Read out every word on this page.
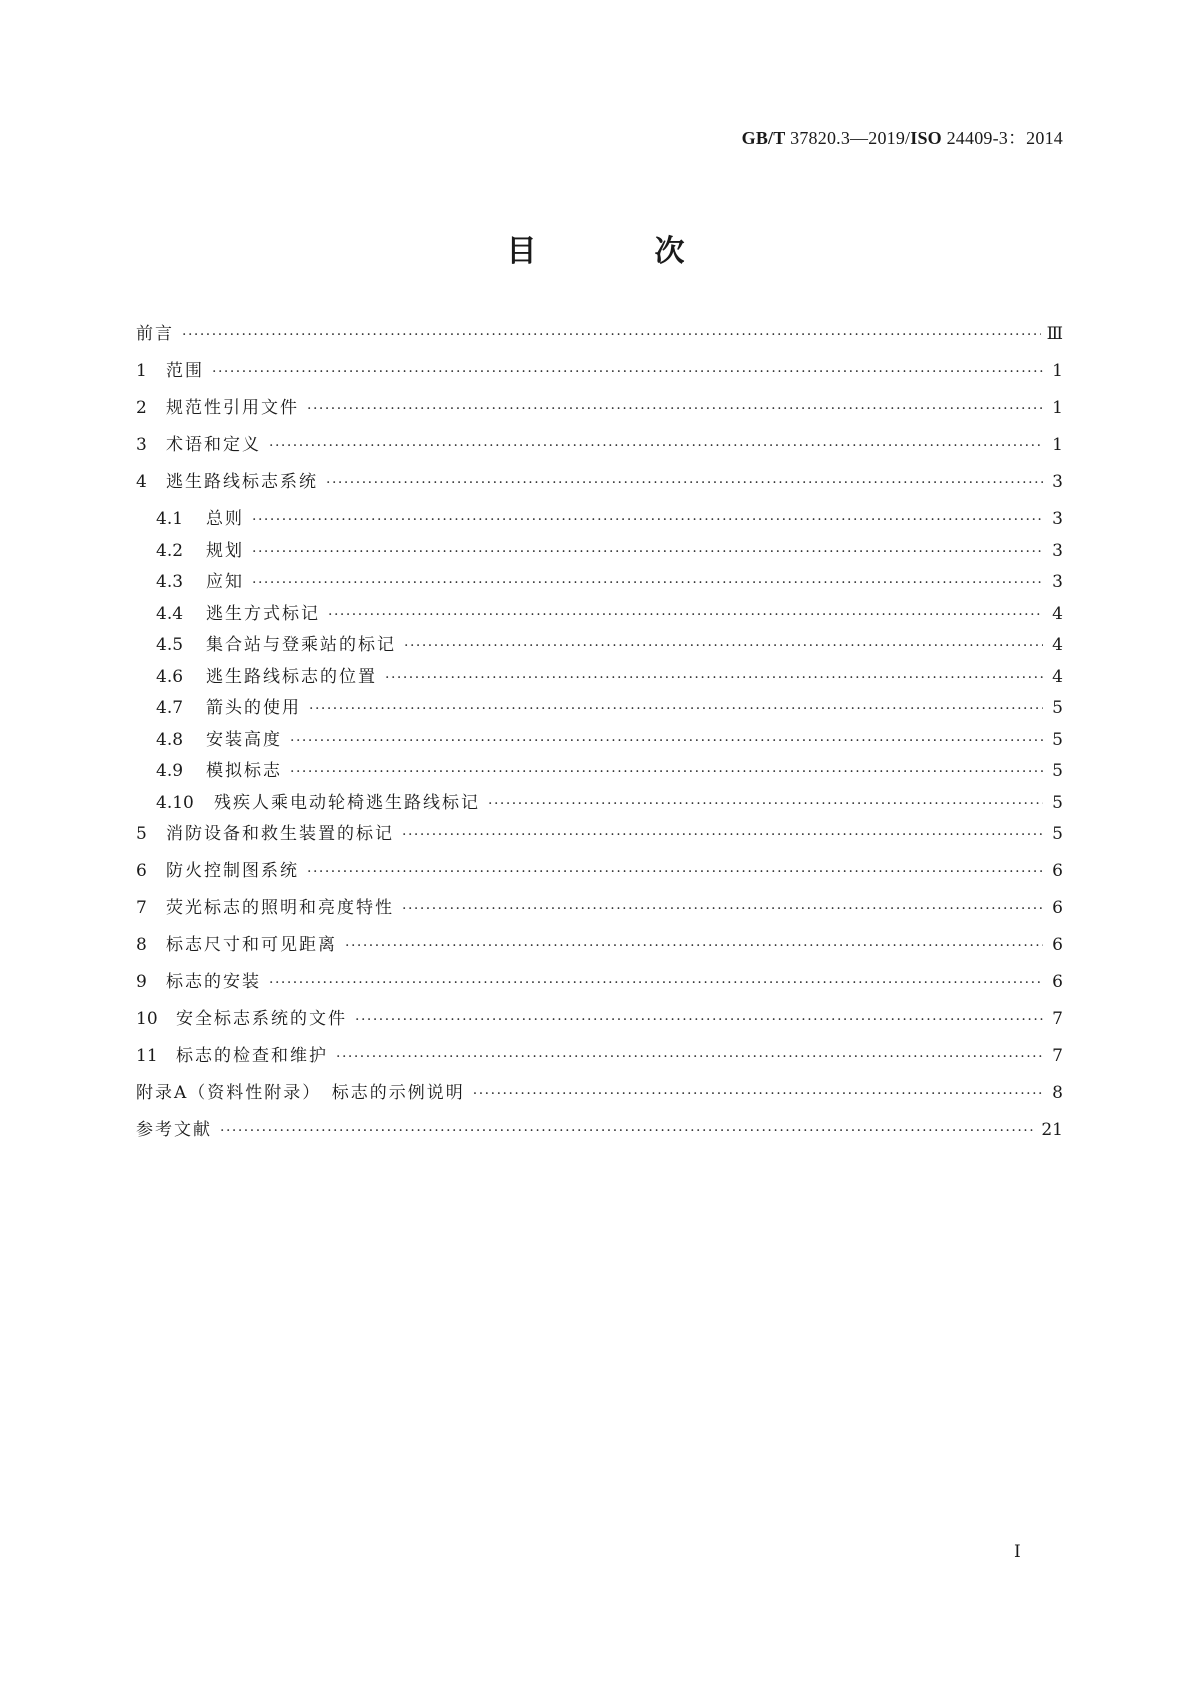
GB/T 37820.3—2019/ISO 24409-3：2014
目　次
前言 ·····	Ⅲ
1	范围 ·····	1
2	规范性引用文件 ·····	1
3	术语和定义 ·····	1
4	逃生路线标志系统 ·····	3
4.1	总则 ·····	3
4.2	规划 ·····	3
4.3	应知 ·····	3
4.4	逃生方式标记 ·····	4
4.5	集合站与登乘站的标记 ·····	4
4.6	逃生路线标志的位置 ·····	4
4.7	箭头的使用 ·····	5
4.8	安装高度 ·····	5
4.9	模拟标志 ·····	5
4.10	残疾人乘电动轮椅逃生路线标记 ·····	5
5	消防设备和救生装置的标记 ·····	5
6	防火控制图系统 ·····	6
7	荧光标志的照明和亮度特性 ·····	6
8	标志尺寸和可见距离 ·····	6
9	标志的安装 ·····	6
10	安全标志系统的文件 ·····	7
11	标志的检查和维护 ·····	7
附录A（资料性附录）　标志的示例说明 ·····	8
参考文献 ·····	21
I
